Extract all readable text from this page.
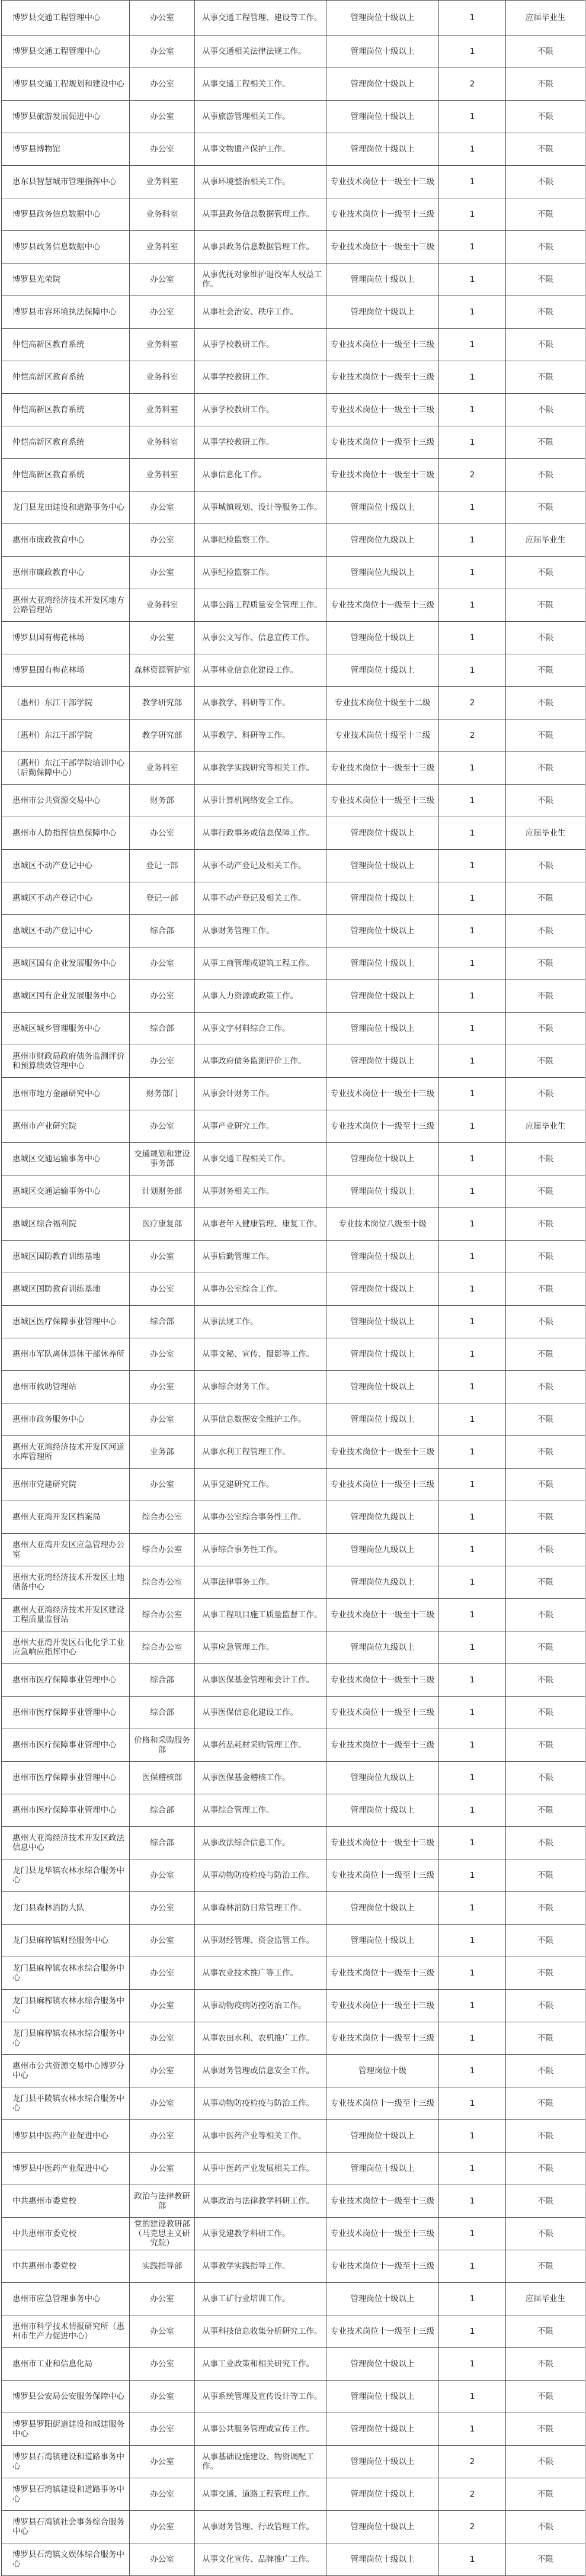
博罗县交通工程管理中心	办公室	从事交通工程管理、建设等工作。	管理岗位十级以上	1	应届毕业生
博罗县交通工程管理中心	办公室	从事交通相关法律法规工作。	管理岗位十级以上	1	不限
博罗县交通工程规划和建设中心	办公室	从事交通工程相关工作。	管理岗位十级以上	2	不限
博罗县旅游发展促进中心	办公室	从事旅游管理相关工作。	管理岗位十级以上	1	不限
博罗县博物馆	办公室	从事文物遗产保护工作。	管理岗位十级以上	1	不限
惠东县智慧城市管理指挥中心	业务科室	从事环境整治相关工作。	专业技术岗位十一级至十三级	1	不限
博罗县政务信息数据中心	业务科室	从事县政务信息数据管理工作。	专业技术岗位十一级至十三级	1	不限
博罗县政务信息数据中心	业务科室	从事县政务信息数据管理工作。	专业技术岗位十一级至十三级	1	不限
博罗县光荣院	办公室	从事优抚对象维护退役军人权益工作。	管理岗位十级以上	1	不限
博罗县市容环境执法保障中心	办公室	从事社会治安、秩序工作。	管理岗位十级以上	1	不限
仲恺高新区教育系统	业务科室	从事学校教研工作。	专业技术岗位十一级至十三级	1	不限
仲恺高新区教育系统	业务科室	从事学校教研工作。	专业技术岗位十一级至十三级	1	不限
仲恺高新区教育系统	业务科室	从事学校教研工作。	专业技术岗位十一级至十三级	1	不限
仲恺高新区教育系统	业务科室	从事学校教研工作。	专业技术岗位十一级至十三级	1	不限
仲恺高新区教育系统	业务科室	从事信息化工作。	专业技术岗位十一级至十三级	2	不限
龙门县龙田建设和道路事务中心	办公室	从事城镇规划、设计等服务工作。	管理岗位十级以上	1	不限
惠州市廉政教育中心	办公室	从事纪检监察工作。	管理岗位九级以上	1	应届毕业生
惠州市廉政教育中心	办公室	从事纪检监察工作。	管理岗位九级以上	1	不限
惠州大亚湾经济技术开发区地方公路管理站	业务科室	从事公路工程质量安全管理工作。	专业技术岗位十一级至十三级	1	不限
博罗县国有梅花林场	办公室	从事公文写作、信息宣传工作。	管理岗位十级以上	1	不限
博罗县国有梅花林场	森林资源管护室	从事林业信息化建设工作。	管理岗位十级以上	1	不限
（惠州）东江干部学院	教学研究部	从事教学、科研等工作。	专业技术岗位十级至十二级	2	不限
（惠州）东江干部学院	教学研究部	从事教学、科研等工作。	专业技术岗位十级至十二级	2	不限
（惠州）东江干部学院培训中心（后勤保障中心）	业务科室	从事教学实践研究等相关工作。	专业技术岗位十一级至十三级	1	不限
惠州市公共资源交易中心	财务部	从事计算机网络安全工作。	专业技术岗位十一级至十三级	1	不限
惠州市人防指挥信息保障中心	办公室	从事行政事务或信息保障工作。	管理岗位十级以上	1	应届毕业生
惠城区不动产登记中心	登记一部	从事不动产登记及相关工作。	管理岗位十级以上	1	不限
惠城区不动产登记中心	登记一部	从事不动产登记及相关工作。	管理岗位十级以上	1	不限
惠城区不动产登记中心	综合部	从事财务管理工作。	管理岗位十级以上	1	不限
惠城区国有企业发展服务中心	办公室	从事工商管理或建筑工程工作。	管理岗位十级以上	1	不限
惠城区国有企业发展服务中心	办公室	从事人力资源或政策工作。	管理岗位十级以上	1	不限
惠城区城乡管理服务中心	综合部	从事文字材料综合工作。	管理岗位十级以上	1	不限
惠州市财政局政府债务监测评价和预算绩效管理中心	办公室	从事政府债务监测评价工作。	管理岗位十级以上	1	不限
惠州市地方金融研究中心	财务部门	从事会计财务工作。	专业技术岗位十一级至十三级	1	不限
惠州市产业研究院	办公室	从事产业研究工作。	专业技术岗位十一级至十三级	1	应届毕业生
惠城区交通运输事务中心	交通规划和建设事务部	从事交通工程相关工作。	管理岗位十级以上	1	不限
惠城区交通运输事务中心	计划财务部	从事财务相关工作。	管理岗位十级以上	1	不限
惠城区综合福利院	医疗康复部	从事老年人健康管理、康复工作。	专业技术岗位八级至十级	1	不限
惠城区国防教育训练基地	办公室	从事后勤管理工作。	管理岗位十级以上	1	不限
惠城区国防教育训练基地	办公室	从事办公室综合工作。	管理岗位十级以上	1	不限
惠城区医疗保障事业管理中心	综合部	从事法规工作。	管理岗位十级以上	1	不限
惠州市军队离休退休干部休养所	办公室	从事文秘、宣传、摄影等工作。	管理岗位十级以上	1	不限
惠州市救助管理站	办公室	从事综合财务工作。	管理岗位十级以上	1	不限
惠州市政务服务中心	办公室	从事信息数据安全维护工作。	管理岗位十级以上	1	不限
惠州大亚湾经济技术开发区河道水库管理所	业务部	从事水利工程管理工作。	专业技术岗位十一级至十三级	1	不限
惠州市党建研究院	办公室	从事党建研究工作。	专业技术岗位十一级至十三级	1	不限
惠州大亚湾开发区档案局	综合办公室	从事办公室综合事务性工作。	管理岗位九级以上	1	不限
惠州大亚湾开发区应急管理办公室	综合办公室	从事综合事务性工作。	管理岗位九级以上	1	不限
惠州大亚湾经济技术开发区土地储备中心	综合办公室	从事法律事务工作。	管理岗位九级以上	1	不限
惠州大亚湾经济技术开发区建设工程质量监督站	综合办公室	从事工程项目施工质量监督工作。	专业技术岗位十一级至十三级	1	不限
惠州大亚湾开发区石化化学工业应急响应指挥中心	综合办公室	从事应急管理工作。	管理岗位九级以上	1	不限
惠州市医疗保障事业管理中心	综合部	从事医保基金管理和会计工作。	专业技术岗位十一级至十三级	1	不限
惠州市医疗保障事业管理中心	综合部	从事医保信息化建设工作。	专业技术岗位十一级至十三级	1	不限
惠州市医疗保障事业管理中心	价格和采购服务部	从事药品耗材采购管理工作。	专业技术岗位十一级至十三级	1	不限
惠州市医疗保障事业管理中心	医保稽核部	从事医保基金稽核工作。	管理岗位九级以上	1	不限
惠州市医疗保障事业管理中心	综合部	从事综合管理工作。	管理岗位十级以上	1	不限
惠州大亚湾经济技术开发区政法信息中心	综合部	从事政法综合信息工作。	专业技术岗位十一级至十三级	1	不限
龙门县龙华镇农林水综合服务中心	办公室	从事动物防疫检疫与防治工作。	专业技术岗位十一级至十三级	1	不限
龙门县森林消防大队	办公室	从事森林消防日常管理工作。	管理岗位十级以上	1	不限
龙门县麻榨镇财经服务中心	办公室	从事财经管理、资金监管工作。	管理岗位十级以上	1	不限
龙门县麻榨镇农林水综合服务中心	办公室	从事农业技术推广等工作。	专业技术岗位十一级至十三级	1	不限
龙门县麻榨镇农林水综合服务中心	办公室	从事动物疫病防控防治工作。	专业技术岗位十一级至十三级	1	不限
龙门县麻榨镇农林水综合服务中心	办公室	从事农田水利、农机推广工作。	专业技术岗位十一级至十三级	1	不限
惠州市公共资源交易中心博罗分中心	办公室	从事财务管理或信息安全工作。	管理岗位十级	1	不限
龙门县平陵镇农林水综合服务中心	办公室	从事动物防疫检疫与防治工作。	专业技术岗位十一级至十三级	1	不限
博罗县中医药产业促进中心	办公室	从事中医药产业等相关工作。	管理岗位十级以上	1	不限
博罗县中医药产业促进中心	办公室	从事中医药产业发展相关工作。	管理岗位十级以上	1	不限
中共惠州市委党校	政治与法律教研部	从事政治与法律教学科研工作。	专业技术岗位十一级至十三级	1	不限
中共惠州市委党校	党的建设教研部（马克思主义研究院）	从事党建教学科研工作。	专业技术岗位十一级至十三级	1	不限
中共惠州市委党校	实践指导部	从事教学实践指导工作。	专业技术岗位十一级至十三级	1	不限
惠州市应急管理事务中心	办公室	从事工矿行业培训工作。	管理岗位十级以上	1	应届毕业生
惠州市科学技术情报研究所（惠州市生产力促进中心）	办公室	从事科技信息收集分析研究工作。	专业技术岗位十一级至十三级	1	不限
惠州市工业和信息化局	办公室	从事工业政策和相关研究工作。	管理岗位十级以上	1	不限
博罗县公安局公安服务保障中心	办公室	从事系统管理及宣传设计等工作。	管理岗位十级以上	1	不限
博罗县罗阳街道建设和城建服务中心	办公室	从事公共服务管理或宣传工作。	管理岗位十级以上	1	不限
博罗县石湾镇建设和道路事务中心	办公室	从事基础设施建设、物资调配工作。	管理岗位十级以上	2	不限
博罗县石湾镇建设和道路事务中心	办公室	从事交通、道路工程管理工作。	管理岗位十级以上	2	不限
博罗县石湾镇社会事务综合服务中心	办公室	从事财务管理、行政管理工作。	管理岗位十级以上	2	不限
博罗县石湾镇文娱体综合服务中心	办公室	从事文化宣传、品牌推广工作。	管理岗位十级以上	1	不限
